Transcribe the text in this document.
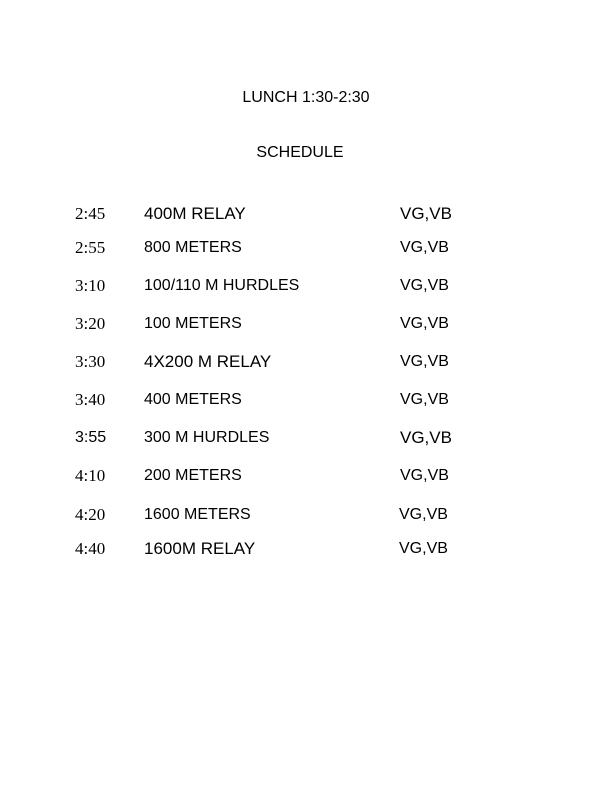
LUNCH 1:30-2:30
SCHEDULE
2:45 400M RELAY	VG,VB
2:55 800 METERS	VG,VB
3:10 100/110 M HURDLES	VG,VB
3:20 100 METERS	VG,VB
3:30 4X200 M RELAY	VG,VB
3:40 400 METERS	VG,VB
3:55 300 M HURDLES	VG,VB
4:10 200 METERS	VG,VB
4:20 1600 METERS	VG,VB
4:40 1600M RELAY	VG,VB
